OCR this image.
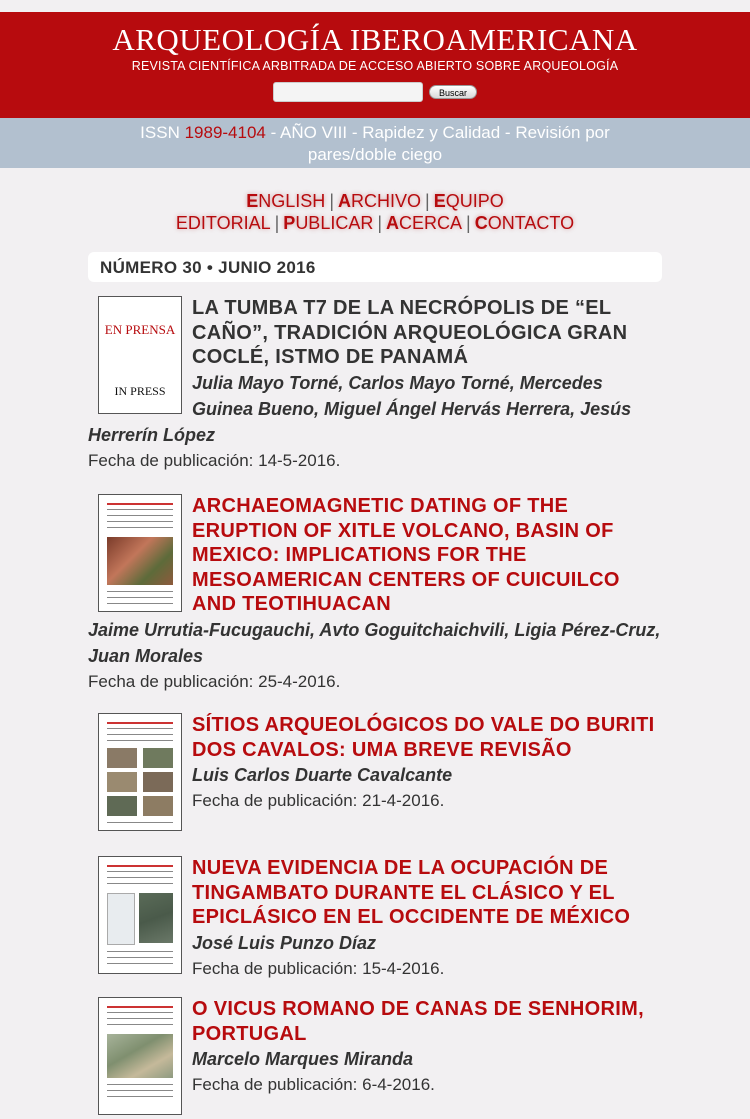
ARQUEOLOGÍA IBEROAMERICANA
REVISTA CIENTÍFICA ARBITRADA DE ACCESO ABIERTO SOBRE ARQUEOLOGÍA
Buscar
ISSN 1989-4104 - AÑO VIII - Rapidez y Calidad - Revisión por pares/doble ciego
ENGLISH | ARCHIVO | EQUIPO EDITORIAL | PUBLICAR | ACERCA | CONTACTO
NÚMERO 30 • JUNIO 2016
EN PRENSA
IN PRESS
LA TUMBA T7 DE LA NECRÓPOLIS DE “EL CAÑO”, TRADICIÓN ARQUEOLÓGICA GRAN COCLÉ, ISTMO DE PANAMÁ
Julia Mayo Torné, Carlos Mayo Torné, Mercedes Guinea Bueno, Miguel Ángel Hervás Herrera, Jesús Herrerín López
Fecha de publicación: 14-5-2016.
ARCHAEOMAGNETIC DATING OF THE ERUPTION OF XITLE VOLCANO, BASIN OF MEXICO: IMPLICATIONS FOR THE MESOAMERICAN CENTERS OF CUICUILCO AND TEOTIHUACAN
Jaime Urrutia-Fucugauchi, Avto Goguitchaichvili, Ligia Pérez-Cruz, Juan Morales
Fecha de publicación: 25-4-2016.
SÍTIOS ARQUEOLÓGICOS DO VALE DO BURITI DOS CAVALOS: UMA BREVE REVISÃO
Luis Carlos Duarte Cavalcante
Fecha de publicación: 21-4-2016.
NUEVA EVIDENCIA DE LA OCUPACIÓN DE TINGAMBATO DURANTE EL CLÁSICO Y EL EPICLÁSICO EN EL OCCIDENTE DE MÉXICO
José Luis Punzo Díaz
Fecha de publicación: 15-4-2016.
O VICUS ROMANO DE CANAS DE SENHORIM, PORTUGAL
Marcelo Marques Miranda
Fecha de publicación: 6-4-2016.
